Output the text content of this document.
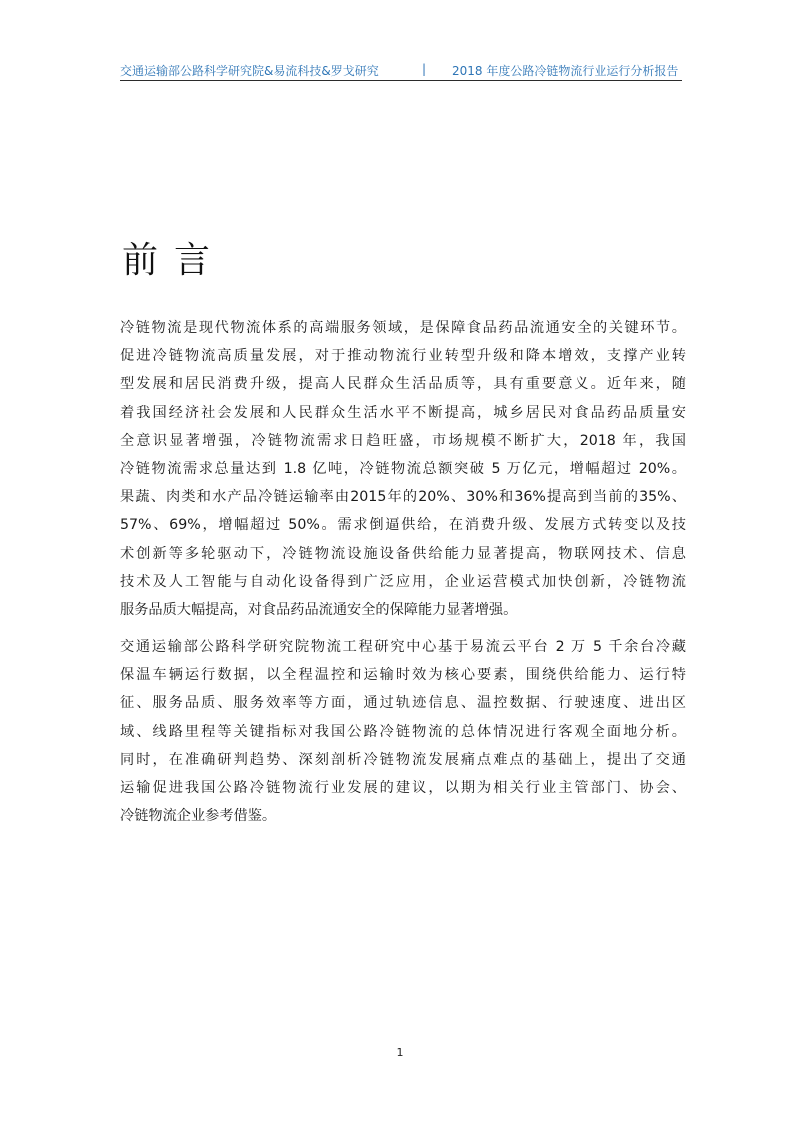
交通运输部公路科学研究院&易流科技&罗戈研究	| 2018 年度公路冷链物流行业运行分析报告
前言
冷链物流是现代物流体系的高端服务领域，是保障食品药品流通安全的关键环节。
促进冷链物流高质量发展，对于推动物流行业转型升级和降本增效，支撑产业转
型发展和居民消费升级，提高人民群众生活品质等，具有重要意义。近年来，随
着我国经济社会发展和人民群众生活水平不断提高，城乡居民对食品药品质量安
全意识显著增强，冷链物流需求日趋旺盛，市场规模不断扩大，2018 年，我国
冷链物流需求总量达到 1.8 亿吨，冷链物流总额突破 5 万亿元，增幅超过 20%。
果蔬、肉类和水产品冷链运输率由2015年的20%、30%和36%提高到当前的35%、
57%、69%，增幅超过 50%。需求倒逼供给，在消费升级、发展方式转变以及技
术创新等多轮驱动下，冷链物流设施设备供给能力显著提高，物联网技术、信息
技术及人工智能与自动化设备得到广泛应用，企业运营模式加快创新，冷链物流
服务品质大幅提高，对食品药品流通安全的保障能力显著增强。
交通运输部公路科学研究院物流工程研究中心基于易流云平台 2 万 5 千余台冷藏
保温车辆运行数据，以全程温控和运输时效为核心要素，围绕供给能力、运行特
征、服务品质、服务效率等方面，通过轨迹信息、温控数据、行驶速度、进出区
域、线路里程等关键指标对我国公路冷链物流的总体情况进行客观全面地分析。
同时，在准确研判趋势、深刻剖析冷链物流发展痛点难点的基础上，提出了交通
运输促进我国公路冷链物流行业发展的建议，以期为相关行业主管部门、协会、
冷链物流企业参考借鉴。
1
